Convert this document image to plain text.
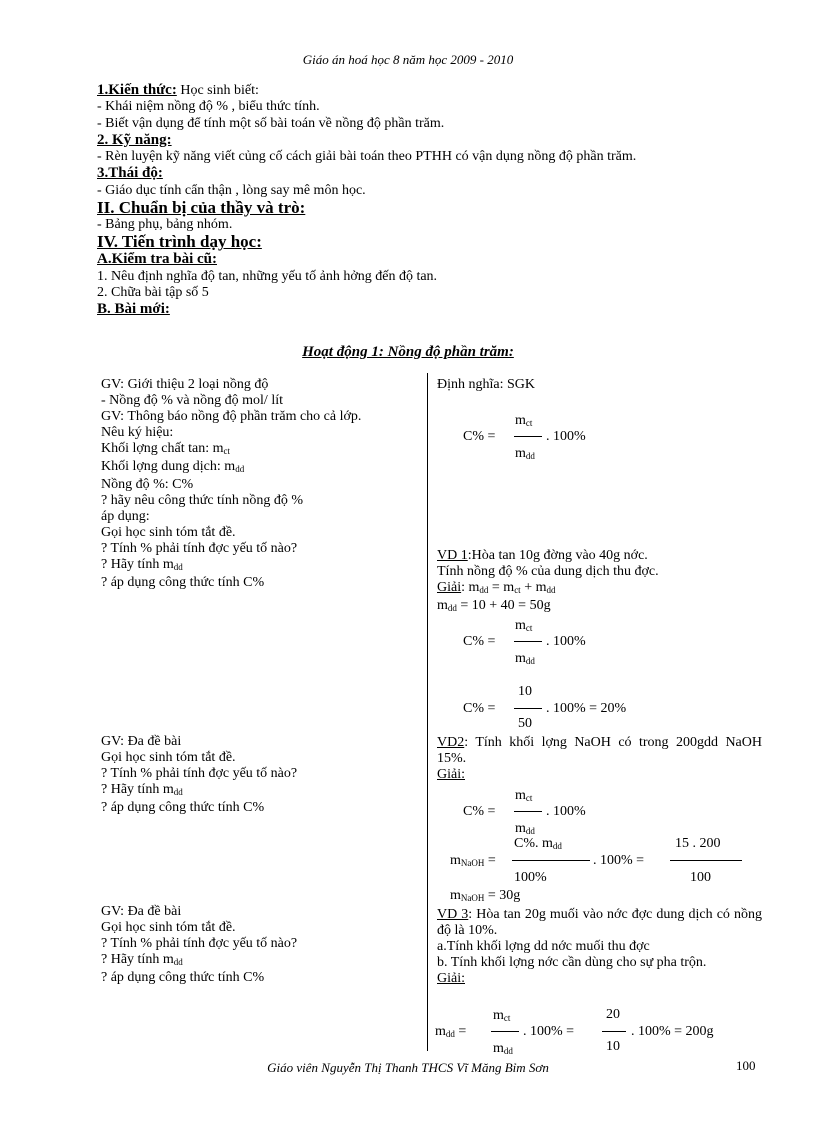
Giáo án hoá học 8 năm học 2009 - 2010
1.Kiến thức: Học sinh biết:
- Khái niệm nồng độ % , biểu thức tính.
- Biết vận dụng để tính một số bài toán về nồng độ phần trăm.
2. Kỹ năng:
- Rèn luyện kỹ năng viết củng cố cách giải bài toán theo PTHH có vận dụng nồng độ phần trăm.
3.Thái độ:
- Giáo dục tính cẩn thận , lòng say mê môn học.
II. Chuẩn bị của thầy và trò:
- Bảng phụ, bảng nhóm.
IV. Tiến trình dạy học:
A.Kiểm tra bài cũ:
1. Nêu định nghĩa độ tan, những yếu tố ảnh hởng đến độ tan.
2. Chữa bài tập số 5
B. Bài mới:
Hoạt động 1: Nồng độ phần trăm:
GV: Giới thiệu 2 loại nồng độ
- Nồng độ % và nồng độ mol/ lít
GV: Thông báo nồng độ phần trăm cho cả lớp.
Nêu ký hiệu:
Khối lợng chất tan: $m_{ct}$
Khối lợng dung dịch: $m_{dd}$
Nồng độ %: C%
? hãy nêu công thức tính nồng độ %
áp dụng:
Gọi học sinh tóm tắt đề.
? Tính % phải tính đợc yếu tố nào?
? Hãy tính $m_{dd}$
? áp dụng công thức tính C%
GV: Đa đề bài
Gọi học sinh tóm tắt đề.
? Tính % phải tính đợc yếu tố nào?
? Hãy tính $m_{dd}$
? áp dụng công thức tính C%
GV: Đa đề bài
Gọi học sinh tóm tắt đề.
? Tính % phải tính đợc yếu tố nào?
? Hãy tính $m_{dd}$
? áp dụng công thức tính C%
Định nghĩa: SGK
C% =
$m_{ct}$
$m_{dd}$
. 100%
VD 1:Hòa tan 10g đờng vào 40g nớc.
Tính nồng độ % của dung dịch thu đợc.
Giải: $m_{dd} = m_{ct} + m_{dd}$
$m_{dd} = 10 + 40 = 50g$
C% =
$m_{ct}$
$m_{dd}$
. 100%
C% =
10
50
. 100% = 20%
VD2: Tính khối lợng NaOH có trong 200gdd NaOH 15%.
Giải:
C% =
$m_{ct}$
$m_{dd}$
. 100%
$m_{NaOH}$ =
C%. $m_{dd}$
100%
. 100% =
15 . 200
100
$m_{NaOH} = 30g$
VD 3: Hòa tan 20g muối vào nớc đợc dung dịch có nồng độ là 10%.
a.Tính khối lợng dd nớc muối thu đợc
b. Tính khối lợng nớc cần dùng cho sự pha trộn.
Giải:
$m_{dd}$ =
$m_{ct}$
$m_{dd}$
. 100% =
20
10
. 100% = 200g
Giáo viên Nguyễn Thị Thanh THCS Vĩ Măng Bỉm Sơn	100
